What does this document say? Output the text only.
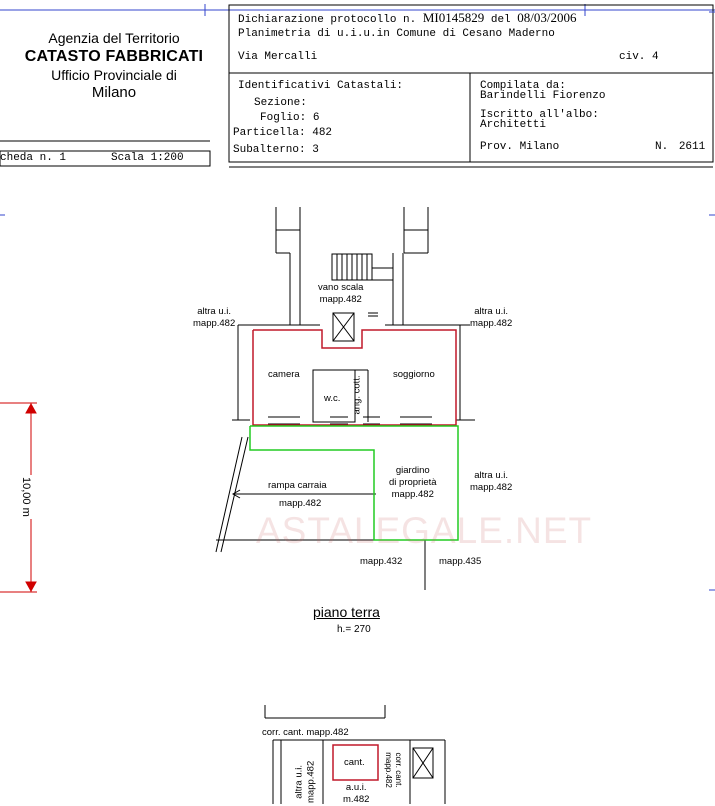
Agenzia del Territorio
CATASTO FABBRICATI
Ufficio Provinciale di
Milano
cheda n. 1	Scala 1:200
Dichiarazione protocollo n. MI0145829 del 08/03/2006
Planimetria di u.i.u.in Comune di Cesano Maderno
Via Mercalli	civ. 4
Identificativi Catastali:
Sezione:
Foglio: 6
Particella: 482
Subalterno: 3
Compilata da:
Barindelli Fiorenzo
Iscritto all'albo:
Architetti
Prov. Milano	N. 2611
ASTALEGALE.NET
vano scala
mapp.482
altra u.i.
mapp.482
altra u.i.
mapp.482
camera	soggiorno
w.c. ang. cott.
rampa carraia
mapp.482
giardino
di proprietà
mapp.482
altra u.i.
mapp.482
mapp.432	mapp.435
10,00 m
piano terra
h.= 270
corr. cant. mapp.482
cant.	corr. cant.
mapp.482
altra u.i. mapp.482	a.u.i.
m.482
